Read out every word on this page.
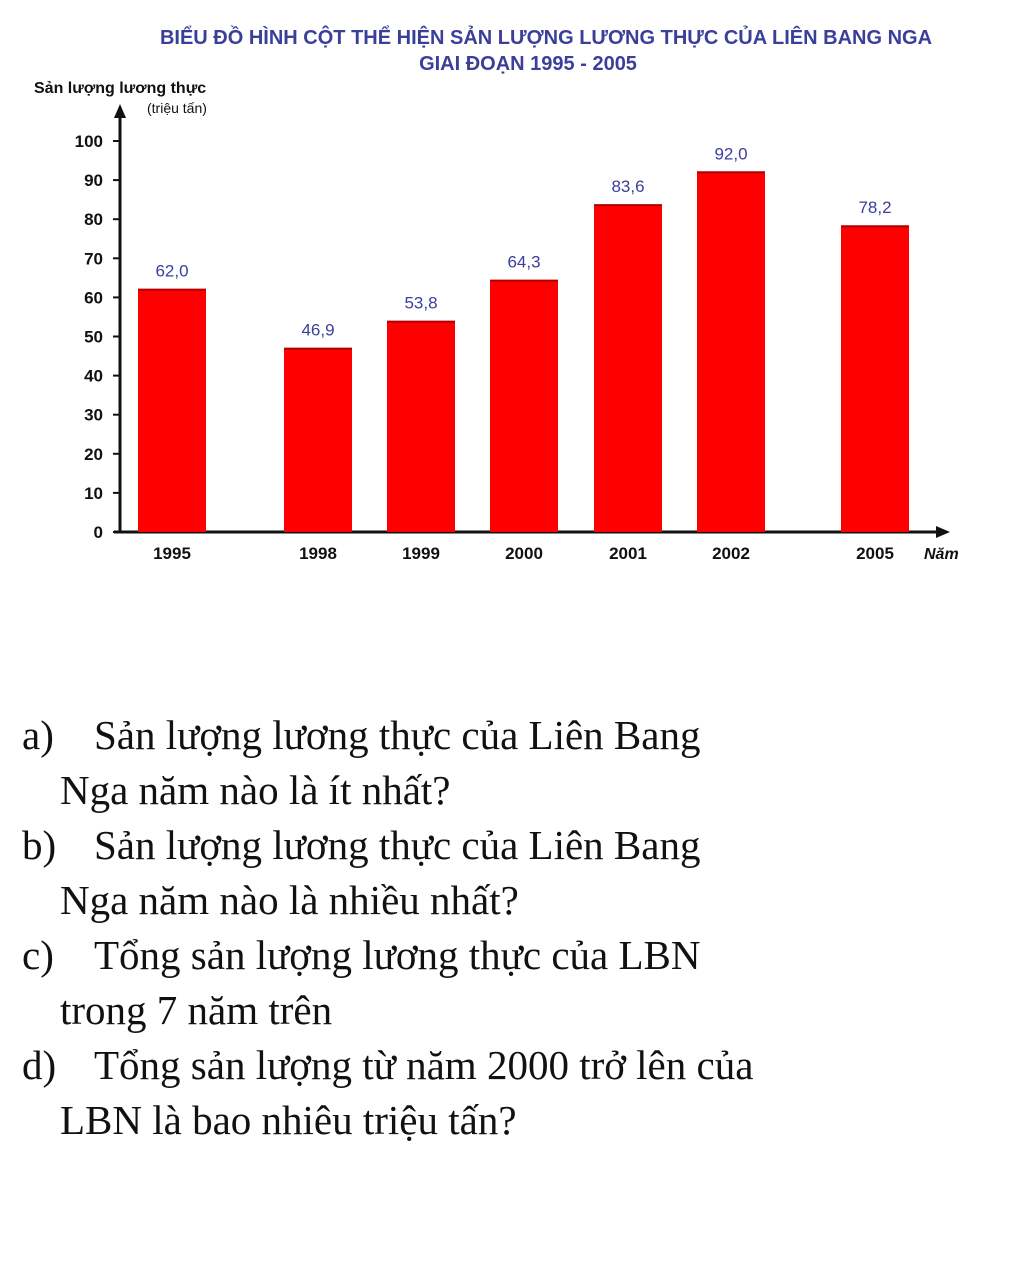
BIỂU ĐỒ HÌNH CỘT THỂ HIỆN SẢN LƯỢNG LƯƠNG THỰC CỦA LIÊN BANG NGA
GIAI ĐOẠN 1995 - 2005
Sản lượng lương thực
(triệu tấn)
Năm
0
10
20
30
40
50
60
70
80
90
100
1995	1998	1999	2000	2001	2002	2005
62,0
46,9
53,8
64,3
83,6
92,0
78,2
a) Sản lượng lương thực của Liên Bang
Nga năm nào là ít nhất?
b) Sản lượng lương thực của Liên Bang
Nga năm nào là nhiều nhất?
c) Tổng sản lượng lương thực của LBN
trong 7 năm trên
d) Tổng sản lượng từ năm 2000 trở lên của
LBN là bao nhiêu triệu tấn?
